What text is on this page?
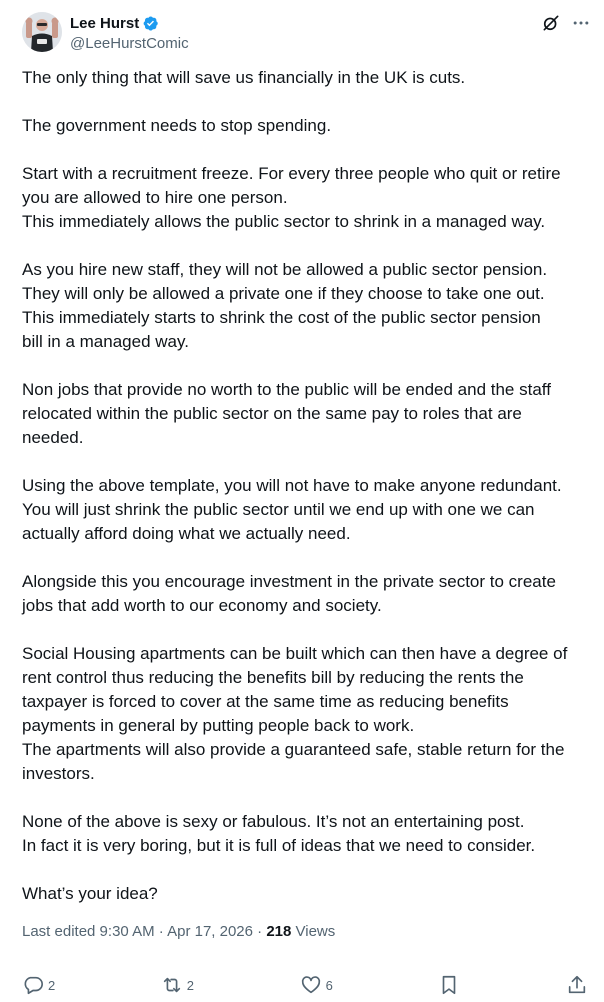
Lee Hurst
@LeeHurstComic

The only thing that will save us financially in the UK is cuts.

The government needs to stop spending.

Start with a recruitment freeze. For every three people who quit or retire
you are allowed to hire one person.
This immediately allows the public sector to shrink in a managed way.

As you hire new staff, they will not be allowed a public sector pension.
They will only be allowed a private one if they choose to take one out.
This immediately starts to shrink the cost of the public sector pension
bill in a managed way.

Non jobs that provide no worth to the public will be ended and the staff
relocated within the public sector on the same pay to roles that are
needed.

Using the above template, you will not have to make anyone redundant.
You will just shrink the public sector until we end up with one we can
actually afford doing what we actually need.

Alongside this you encourage investment in the private sector to create
jobs that add worth to our economy and society.

Social Housing apartments can be built which can then have a degree of
rent control thus reducing the benefits bill by reducing the rents the
taxpayer is forced to cover at the same time as reducing benefits
payments in general by putting people back to work.
The apartments will also provide a guaranteed safe, stable return for the
investors.

None of the above is sexy or fabulous. It’s not an entertaining post.
In fact it is very boring, but it is full of ideas that we need to consider.

What’s your idea?

Last edited 9:30 AM · Apr 17, 2026 · 218 Views
2	2	6
